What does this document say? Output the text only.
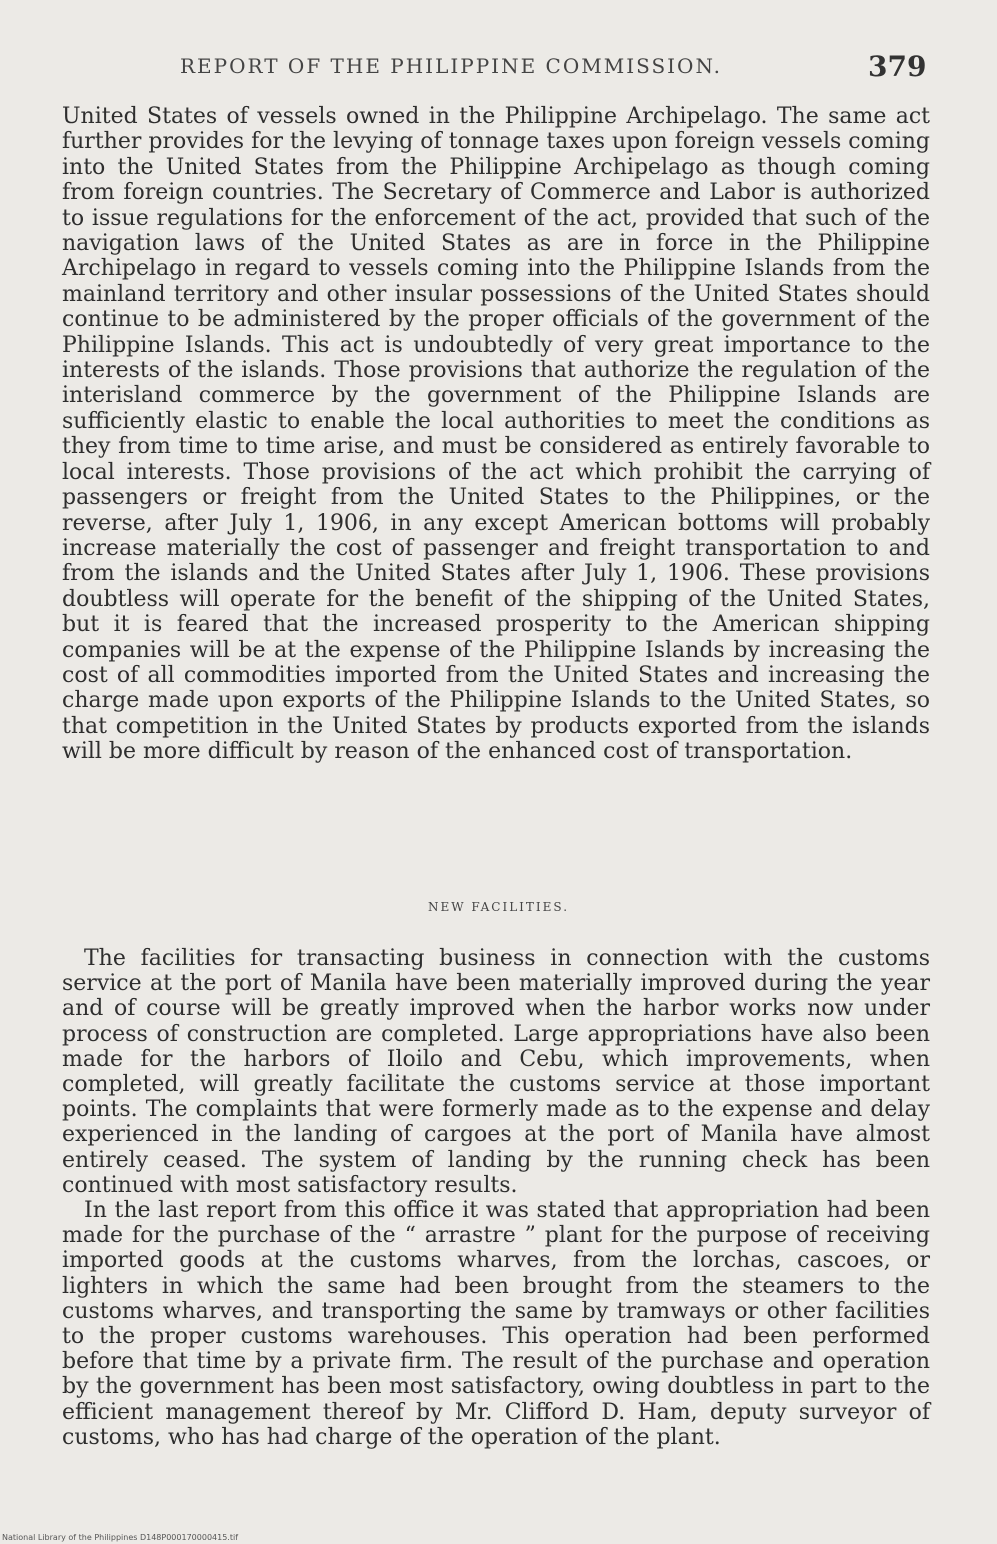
REPORT OF THE PHILIPPINE COMMISSION.	379

United States of vessels owned in the Philippine Archipelago. The same act further provides for the levying of tonnage taxes upon foreign vessels coming into the United States from the Philippine Archipelago as though coming from foreign countries. The Secretary of Commerce and Labor is authorized to issue regulations for the enforcement of the act, provided that such of the navigation laws of the United States as are in force in the Philippine Archipelago in regard to vessels coming into the Philippine Islands from the mainland territory and other insular possessions of the United States should continue to be administered by the proper officials of the government of the Philippine Islands. This act is undoubtedly of very great importance to the interests of the islands. Those provisions that authorize the regulation of the interisland commerce by the government of the Philippine Islands are sufficiently elastic to enable the local authorities to meet the conditions as they from time to time arise, and must be considered as entirely favorable to local interests. Those provisions of the act which prohibit the carrying of passengers or freight from the United States to the Philippines, or the reverse, after July 1, 1906, in any except American bottoms will probably increase materially the cost of passenger and freight transportation to and from the islands and the United States after July 1, 1906. These provisions doubtless will operate for the benefit of the shipping of the United States, but it is feared that the increased prosperity to the American shipping companies will be at the expense of the Philippine Islands by increasing the cost of all commodities imported from the United States and increasing the charge made upon exports of the Philippine Islands to the United States, so that competition in the United States by products exported from the islands will be more difficult by reason of the enhanced cost of transportation.

NEW FACILITIES.

The facilities for transacting business in connection with the customs service at the port of Manila have been materially improved during the year and of course will be greatly improved when the harbor works now under process of construction are completed. Large appropriations have also been made for the harbors of Iloilo and Cebu, which improvements, when completed, will greatly facilitate the customs service at those important points. The complaints that were formerly made as to the expense and delay experienced in the landing of cargoes at the port of Manila have almost entirely ceased. The system of landing by the running check has been continued with most satisfactory results.

In the last report from this office it was stated that appropriation had been made for the purchase of the “ arrastre ” plant for the purpose of receiving imported goods at the customs wharves, from the lorchas, cascoes, or lighters in which the same had been brought from the steamers to the customs wharves, and transporting the same by tramways or other facilities to the proper customs warehouses. This operation had been performed before that time by a private firm. The result of the purchase and operation by the government has been most satisfactory, owing doubtless in part to the efficient management thereof by Mr. Clifford D. Ham, deputy surveyor of customs, who has had charge of the operation of the plant.

National Library of the Philippines D148P000170000415.tif
